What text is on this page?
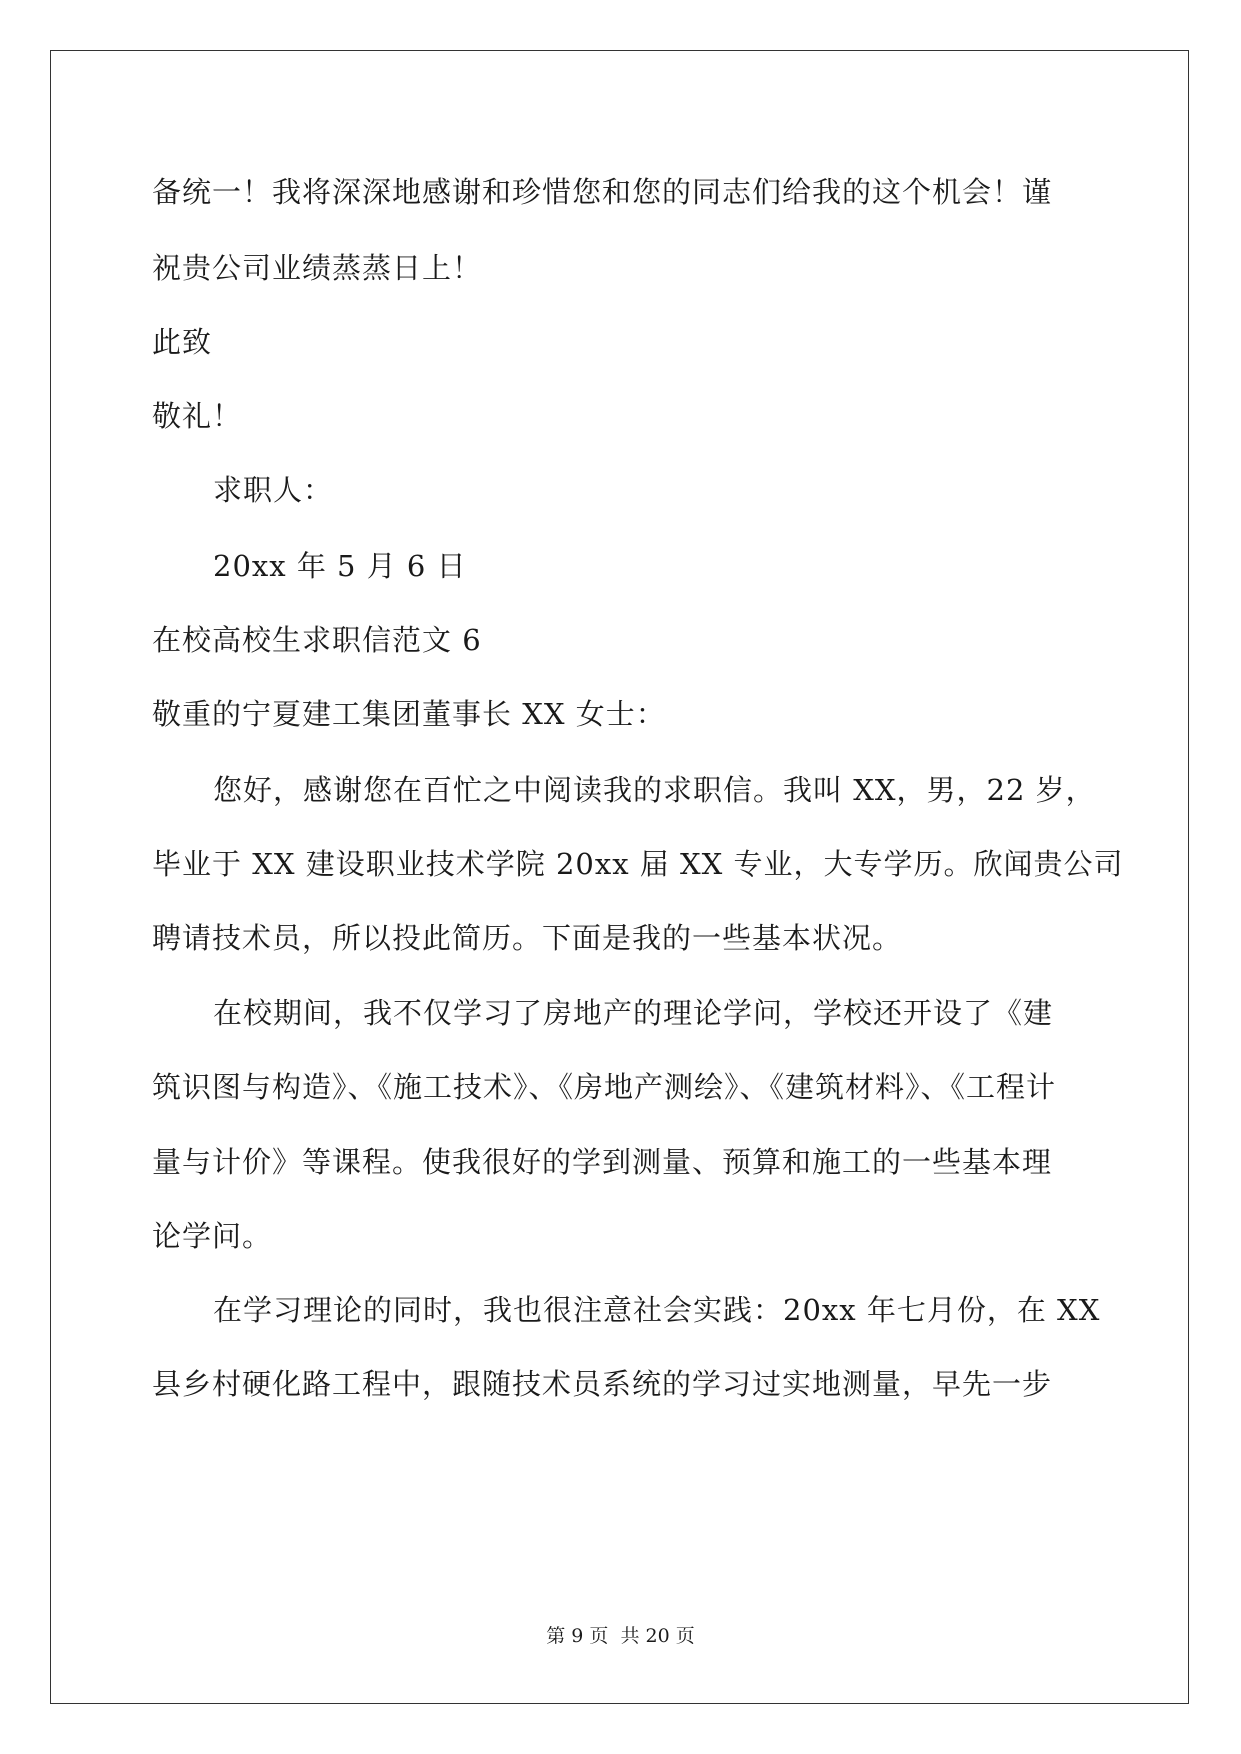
备统一！我将深深地感谢和珍惜您和您的同志们给我的这个机会！谨
祝贵公司业绩蒸蒸日上！
此致
敬礼！
求职人：
20xx 年 5 月 6 日
在校高校生求职信范文 6
敬重的宁夏建工集团董事长 XX 女士：
您好，感谢您在百忙之中阅读我的求职信。我叫 XX，男，22 岁，
毕业于 XX 建设职业技术学院 20xx 届 XX 专业，大专学历。欣闻贵公司
聘请技术员，所以投此简历。下面是我的一些基本状况。
在校期间，我不仅学习了房地产的理论学问，学校还开设了《建
筑识图与构造》、《施工技术》、《房地产测绘》、《建筑材料》、《工程计
量与计价》等课程。使我很好的学到测量、预算和施工的一些基本理
论学问。
在学习理论的同时，我也很注意社会实践：20xx 年七月份，在 XX
县乡村硬化路工程中，跟随技术员系统的学习过实地测量，早先一步
第 9 页 共 20 页
